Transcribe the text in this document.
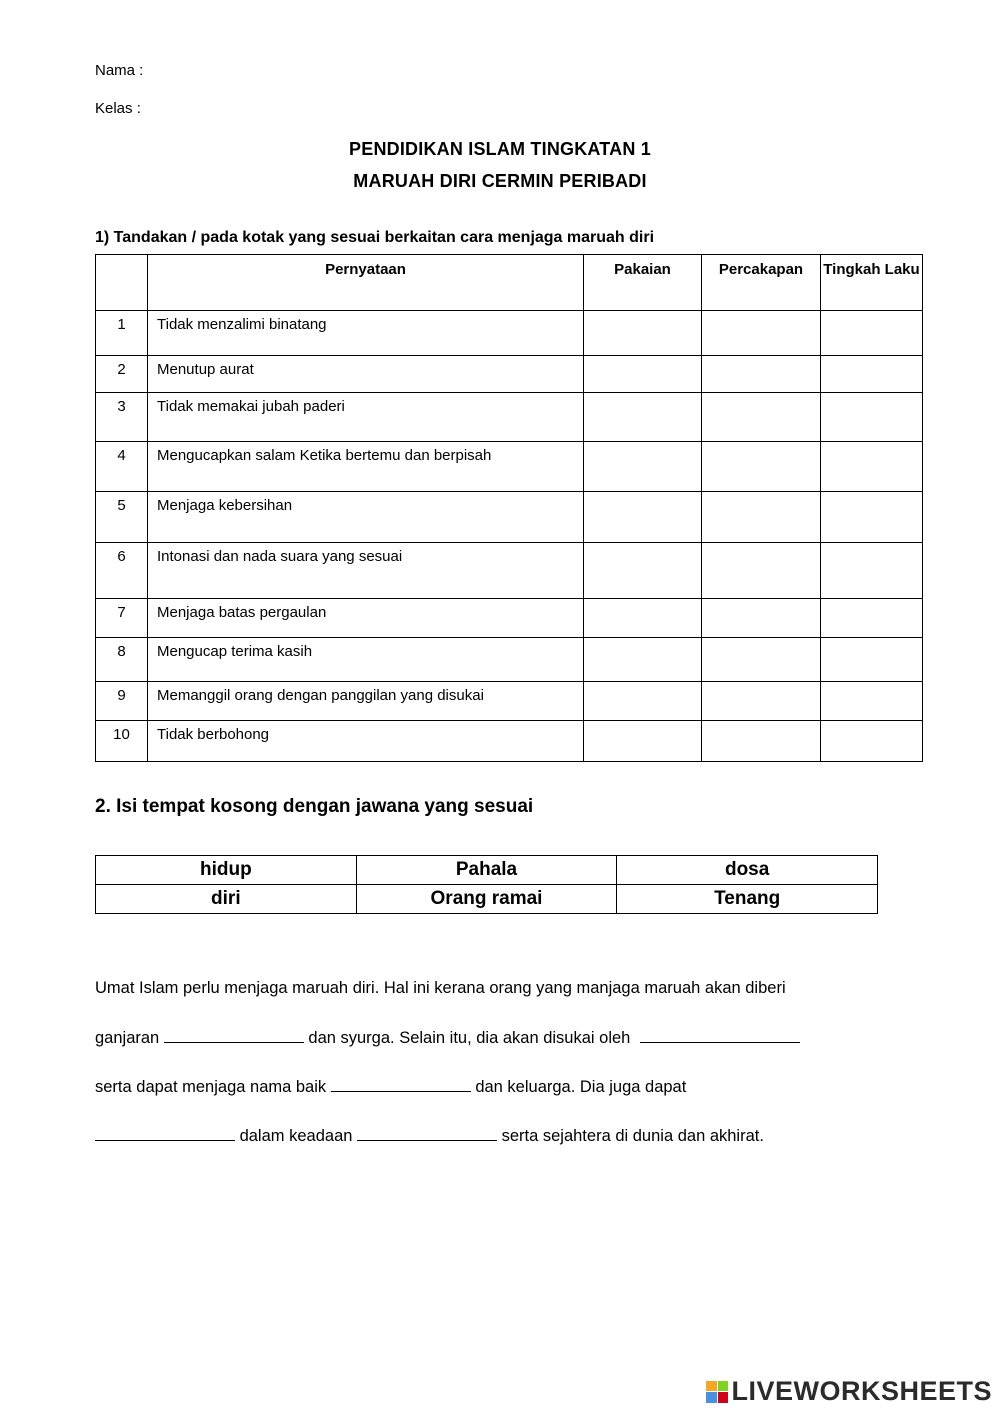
Nama :
Kelas :
PENDIDIKAN ISLAM TINGKATAN 1
MARUAH DIRI CERMIN PERIBADI
1) Tandakan / pada kotak yang sesuai berkaitan cara menjaga maruah diri
	Pernyataan	Pakaian	Percakapan	Tingkah Laku
1	Tidak menzalimi binatang			
2	Menutup aurat			
3	Tidak memakai jubah paderi			
4	Mengucapkan salam Ketika bertemu dan berpisah			
5	Menjaga kebersihan			
6	Intonasi dan nada suara yang sesuai			
7	Menjaga batas pergaulan			
8	Mengucap terima kasih			
9	Memanggil orang dengan panggilan yang disukai			
10	Tidak berbohong			
2. Isi tempat kosong dengan jawana yang sesuai
hidup	Pahala	dosa
diri	Orang ramai	Tenang
Umat Islam perlu menjaga maruah diri. Hal ini kerana orang yang manjaga maruah akan diberi
ganjaran	dan syurga. Selain itu, dia akan disukai oleh
serta dapat menjaga nama baik	dan keluarga. Dia juga dapat
dalam keadaan	serta sejahtera di dunia dan akhirat.
LIVEWORKSHEETS
